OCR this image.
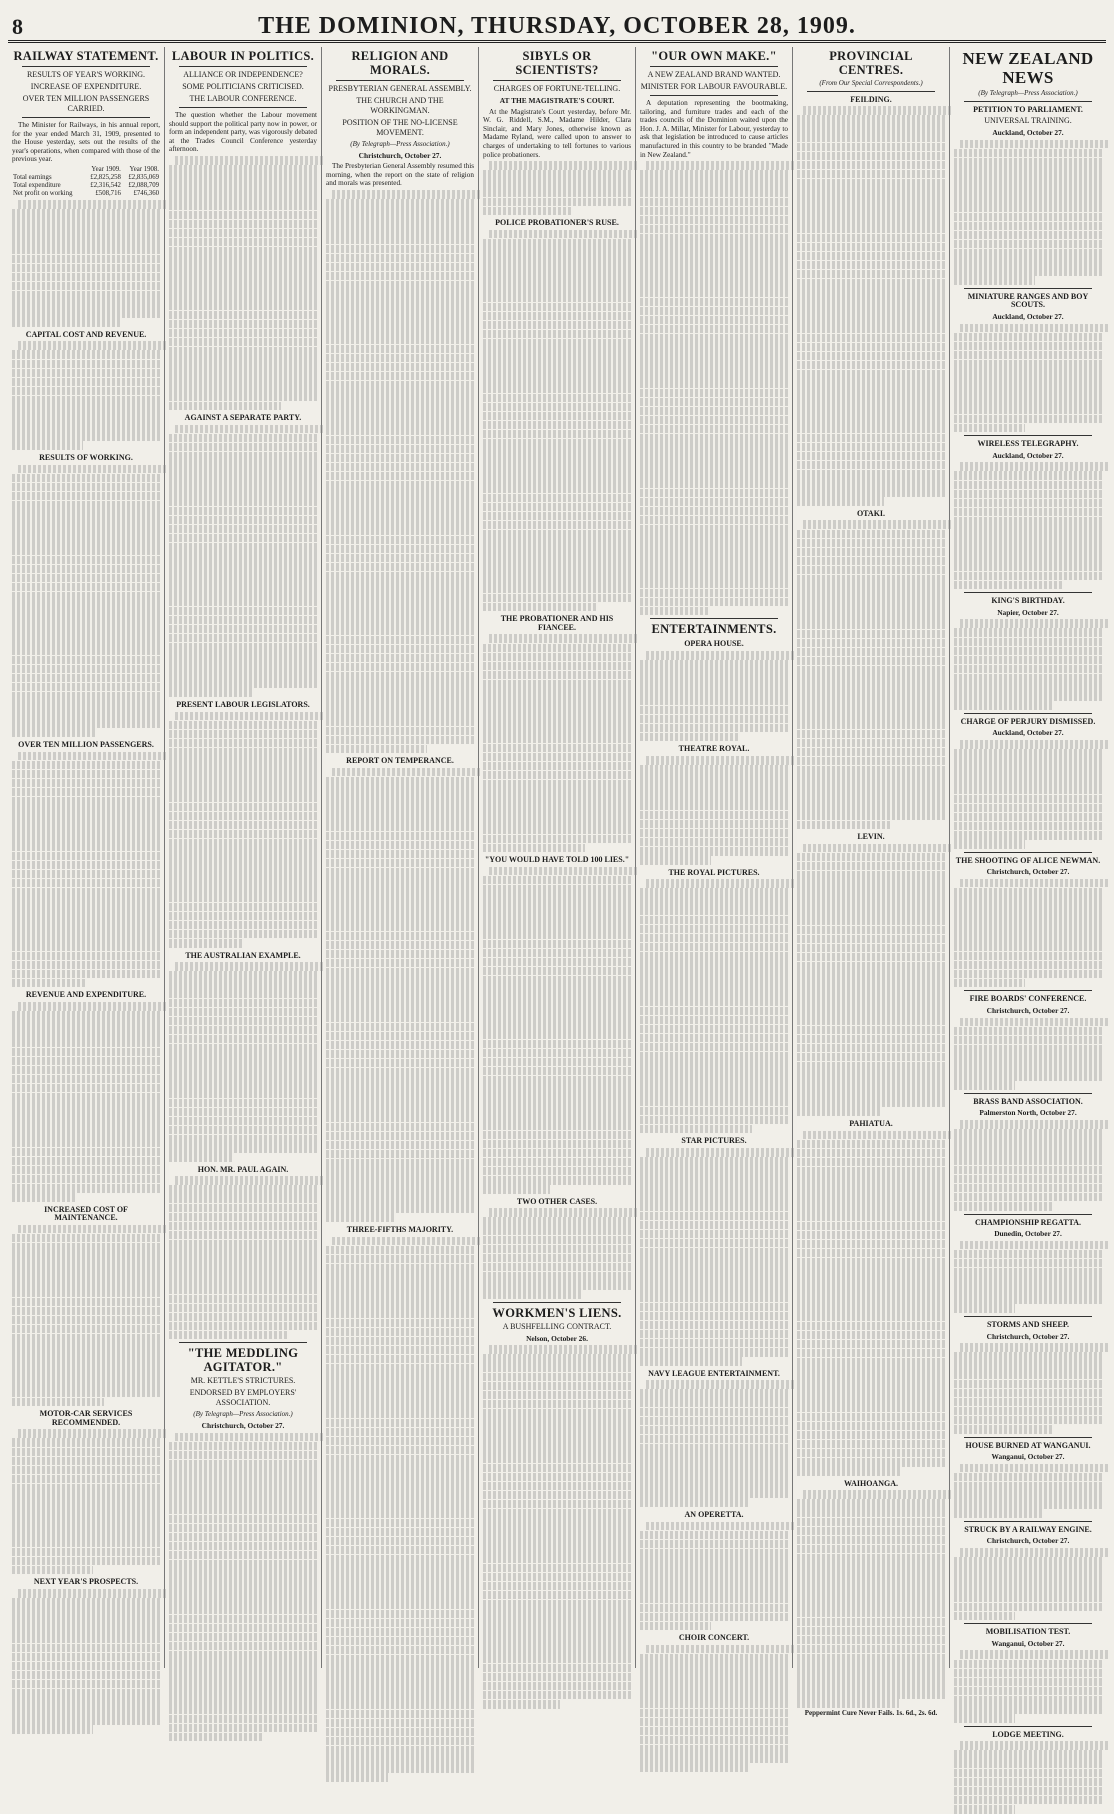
8	THE DOMINION, THURSDAY, OCTOBER 28, 1909.
RAILWAY STATEMENT.
RESULTS OF YEAR'S WORKING.
INCREASE OF EXPENDITURE.
OVER TEN MILLION PASSENGERS CARRIED.

The Minister for Railways, in his annual report, for the year ended March 31, 1909, presented to the House yesterday, sets out the results of the year's operations, when compared with those of the previous year.

	Year 1909.	Year 1908.
Total earnings	£2,825,258	£2,835,069
Total expenditure	£2,316,542	£2,088,709
Net profit on working	£508,716	£746,360
CAPITAL COST AND REVENUE.
RESULTS OF WORKING.
OVER TEN MILLION PASSENGERS.
REVENUE AND EXPENDITURE.
INCREASED COST OF MAINTENANCE.
MOTOR-CAR SERVICES RECOMMENDED.
NEXT YEAR'S PROSPECTS.
LABOUR IN POLITICS.
ALLIANCE OR INDEPENDENCE?
SOME POLITICIANS CRITICISED.
THE LABOUR CONFERENCE.

The question whether the Labour movement should support the political party now in power, or form an independent party, was vigorously debated at the Trades Council Conference yesterday afternoon.

AGAINST A SEPARATE PARTY.
PRESENT LABOUR LEGISLATORS.
THE AUSTRALIAN EXAMPLE.
HON. MR. PAUL AGAIN.
"THE MEDDLING AGITATOR."
MR. KETTLE'S STRICTURES.
ENDORSED BY EMPLOYERS' ASSOCIATION.
(By Telegraph—Press Association.)
Christchurch, October 27.
RELIGION AND MORALS.
PRESBYTERIAN GENERAL ASSEMBLY.
THE CHURCH AND THE WORKINGMAN.
POSITION OF THE NO-LICENSE MOVEMENT.
(By Telegraph—Press Association.)
Christchurch, October 27.

The Presbyterian General Assembly resumed this morning, when the report on the state of religion and morals was presented.

REPORT ON TEMPERANCE.
THREE-FIFTHS MAJORITY.
SIBYLS OR SCIENTISTS?
CHARGES OF FORTUNE-TELLING.
AT THE MAGISTRATE'S COURT.

At the Magistrate's Court yesterday, before Mr. W. G. Riddell, S.M., Madame Hilder, Clara Sinclair, and Mary Jones, otherwise known as Madame Ryland, were called upon to answer to charges of undertaking to tell fortunes to various police probationers.

POLICE PROBATIONER'S RUSE.
THE PROBATIONER AND HIS FIANCEE.
"YOU WOULD HAVE TOLD 100 LIES."
TWO OTHER CASES.
WORKMEN'S LIENS.
A BUSHFELLING CONTRACT.
Nelson, October 26.
"OUR OWN MAKE."
A NEW ZEALAND BRAND WANTED.
MINISTER FOR LABOUR FAVOURABLE.

A deputation representing the bootmaking, tailoring, and furniture trades and each of the trades councils of the Dominion waited upon the Hon. J. A. Millar, Minister for Labour, yesterday to ask that legislation be introduced to cause articles manufactured in this country to be branded "Made in New Zealand."

ENTERTAINMENTS.
OPERA HOUSE.
THEATRE ROYAL.
THE ROYAL PICTURES.
STAR PICTURES.
NAVY LEAGUE ENTERTAINMENT.
AN OPERETTA.
CHOIR CONCERT.
PROVINCIAL CENTRES.
(From Our Special Correspondents.)
FEILDING.
OTAKI.
LEVIN.
PAHIATUA.
WAIHOANGA.
Peppermint Cure Never Fails. 1s. 6d., 2s. 6d.
NEW ZEALAND NEWS
(By Telegraph—Press Association.)
PETITION TO PARLIAMENT.
UNIVERSAL TRAINING.
Auckland, October 27.
MINIATURE RANGES AND BOY SCOUTS.
Auckland, October 27.
WIRELESS TELEGRAPHY.
Auckland, October 27.
KING'S BIRTHDAY.
Napier, October 27.
CHARGE OF PERJURY DISMISSED.
Auckland, October 27.
THE SHOOTING OF ALICE NEWMAN.
Christchurch, October 27.
FIRE BOARDS' CONFERENCE.
Christchurch, October 27.
BRASS BAND ASSOCIATION.
Palmerston North, October 27.
CHAMPIONSHIP REGATTA.
Dunedin, October 27.
STORMS AND SHEEP.
Christchurch, October 27.
HOUSE BURNED AT WANGANUI.
Wanganui, October 27.
STRUCK BY A RAILWAY ENGINE.
Christchurch, October 27.
MOBILISATION TEST.
Wanganui, October 27.
LODGE MEETING.
